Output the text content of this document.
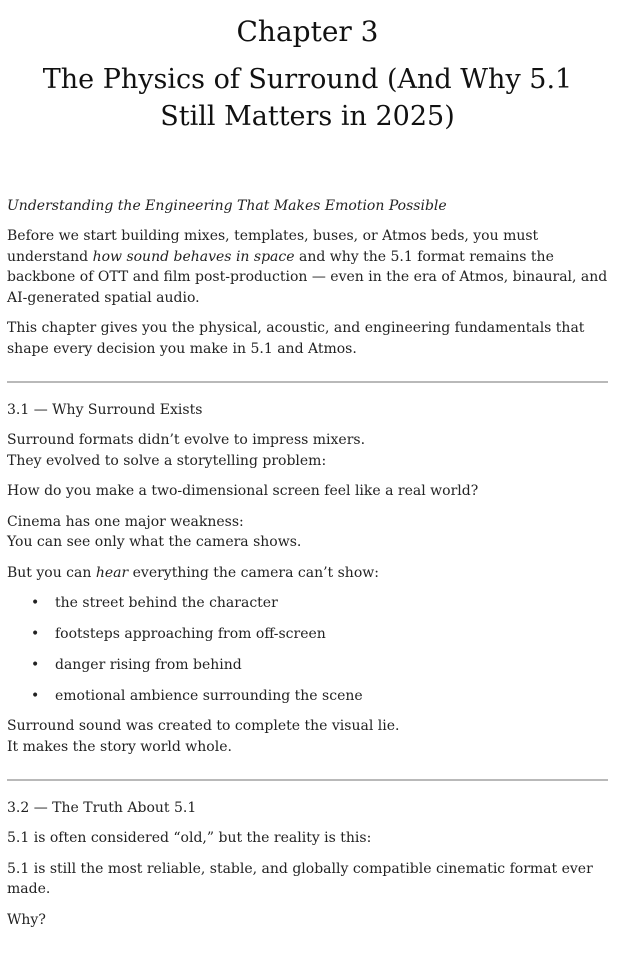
Chapter 3
The Physics of Surround (And Why 5.1 Still Matters in 2025)

Understanding the Engineering That Makes Emotion Possible

Before we start building mixes, templates, buses, or Atmos beds, you must understand how sound behaves in space and why the 5.1 format remains the backbone of OTT and film post-production — even in the era of Atmos, binaural, and AI-generated spatial audio.

This chapter gives you the physical, acoustic, and engineering fundamentals that shape every decision you make in 5.1 and Atmos.

3.1 — Why Surround Exists

Surround formats didn’t evolve to impress mixers.
They evolved to solve a storytelling problem:

How do you make a two-dimensional screen feel like a real world?

Cinema has one major weakness:
You can see only what the camera shows.

But you can hear everything the camera can’t show:

• the street behind the character
• footsteps approaching from off-screen
• danger rising from behind
• emotional ambience surrounding the scene

Surround sound was created to complete the visual lie.
It makes the story world whole.

3.2 — The Truth About 5.1

5.1 is often considered “old,” but the reality is this:

5.1 is still the most reliable, stable, and globally compatible cinematic format ever made.

Why?
